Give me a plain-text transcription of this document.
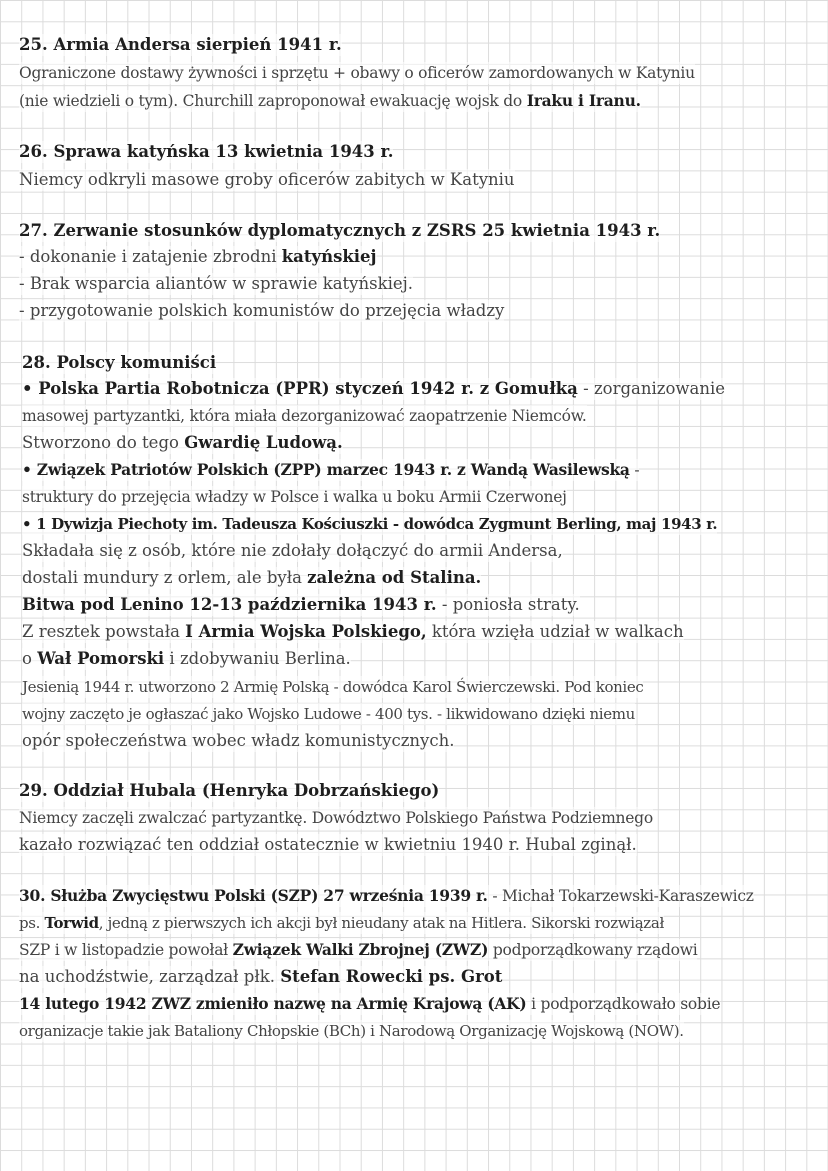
25. Armia Andersa sierpień 1941 r.
Ograniczone dostawy żywności i sprzętu + obawy o oficerów zamordowanych w Katyniu
(nie wiedzieli o tym). Churchill zaproponował ewakuację wojsk do Iraku i Iranu.
26. Sprawa katyńska 13 kwietnia 1943 r.
Niemcy odkryli masowe groby oficerów zabitych w Katyniu
27. Zerwanie stosunków dyplomatycznych z ZSRS 25 kwietnia 1943 r.
- dokonanie i zatajenie zbrodni katyńskiej
- Brak wsparcia aliantów w sprawie katyńskiej.
- przygotowanie polskich komunistów do przejęcia władzy
28. Polscy komuniści
• Polska Partia Robotnicza (PPR) styczeń 1942 r. z Gomułką - zorganizowanie
masowej partyzantki, która miała dezorganizować zaopatrzenie Niemców.
Stworzono do tego Gwardię Ludową.
• Związek Patriotów Polskich (ZPP) marzec 1943 r. z Wandą Wasilewską -
struktury do przejęcia władzy w Polsce i walka u boku Armii Czerwonej
• 1 Dywizja Piechoty im. Tadeusza Kościuszki - dowódca Zygmunt Berling, maj 1943 r.
Składała się z osób, które nie zdołały dołączyć do armii Andersa,
dostali mundury z orlem, ale była zależna od Stalina.
Bitwa pod Lenino 12-13 października 1943 r. - poniosła straty.
Z resztek powstała I Armia Wojska Polskiego, która wzięła udział w walkach
o Wał Pomorski i zdobywaniu Berlina.
Jesienią 1944 r. utworzono 2 Armię Polską - dowódca Karol Świerczewski. Pod koniec
wojny zaczęto je ogłaszać jako Wojsko Ludowe - 400 tys. - likwidowano dzięki niemu
opór społeczeństwa wobec władz komunistycznych.
29. Oddział Hubala (Henryka Dobrzańskiego)
Niemcy zaczęli zwalczać partyzantkę. Dowództwo Polskiego Państwa Podziemnego
kazało rozwiązać ten oddział ostatecznie w kwietniu 1940 r. Hubal zginął.
30. Służba Zwycięstwu Polski (SZP) 27 września 1939 r. - Michał Tokarzewski-Karaszewicz
ps. Torwid, jedną z pierwszych ich akcji był nieudany atak na Hitlera. Sikorski rozwiązał
SZP i w listopadzie powołał Związek Walki Zbrojnej (ZWZ) podporządkowany rządowi
na uchodźstwie, zarządzał płk. Stefan Rowecki ps. Grot
14 lutego 1942 ZWZ zmieniło nazwę na Armię Krajową (AK) i podporządkowało sobie
organizacje takie jak Bataliony Chłopskie (BCh) i Narodową Organizację Wojskową (NOW).
